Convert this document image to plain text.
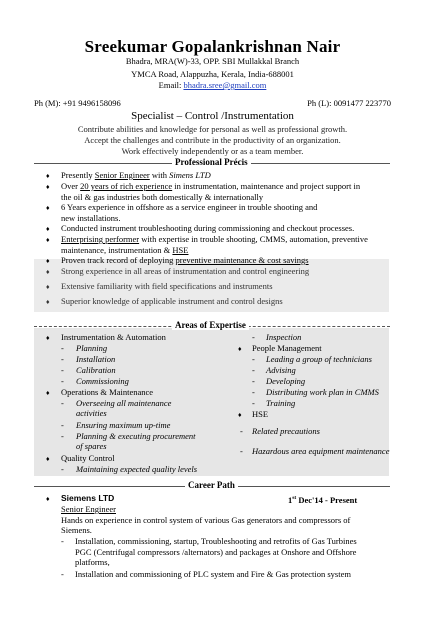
Sreekumar Gopalankrishnan Nair
Bhadra, MRA(W)-33, OPP. SBI Mullakkal Branch
YMCA Road, Alappuzha, Kerala, India-688001
Email: bhadra.sree@gmail.com
Ph (M): +91 9496158096	Ph (L): 0091477 223770
Specialist – Control /Instrumentation
Contribute abilities and knowledge for personal as well as professional growth.
Accept the challenges and contribute in the productivity of an organization.
Work effectively independently or as a team member.
Professional Précis
♦ Presently Senior Engineer with Simens LTD
♦ Over 20 years of rich experience in instrumentation, maintenance and project support in
the oil & gas industries both domestically & internationally
♦ 6 Years experience in offshore as a service engineer in trouble shooting and
new installations.
♦ Conducted instrument troubleshooting during commissioning and checkout processes.
♦ Enterprising performer with expertise in trouble shooting, CMMS, automation, preventive
maintenance, instrumentation & HSE
♦ Proven track record of deploying preventive maintenance & cost savings
♦ Strong experience in all areas of instrumentation and control engineering
♦ Extensive familiarity with field specifications and instruments
♦ Superior knowledge of applicable instrument and control designs
Areas of Expertise
♦ Instrumentation & Automation
- Planning
- Installation
- Calibration
- Commissioning
♦ Operations & Maintenance
- Overseeing all maintenance
activities
- Ensuring maximum up-time
- Planning & executing procurement
of spares
♦ Quality Control
- Maintaining expected quality levels
- Inspection
♦ People Management
- Leading a group of technicians
- Advising
- Developing
- Distributing work plan in CMMS
- Training
♦ HSE
- Related precautions
- Hazardous area equipment maintenance
Career Path
♦ Siemens LTD	1st Dec'14 - Present
Senior Engineer
Hands on experience in control system of various Gas generators and compressors of
Siemens.
- Installation, commissioning, startup, Troubleshooting and retrofits of Gas Turbines
PGC (Centrifugal compressors /alternators) and packages at Onshore and Offshore
platforms,
- Installation and commissioning of PLC system and Fire & Gas protection system
